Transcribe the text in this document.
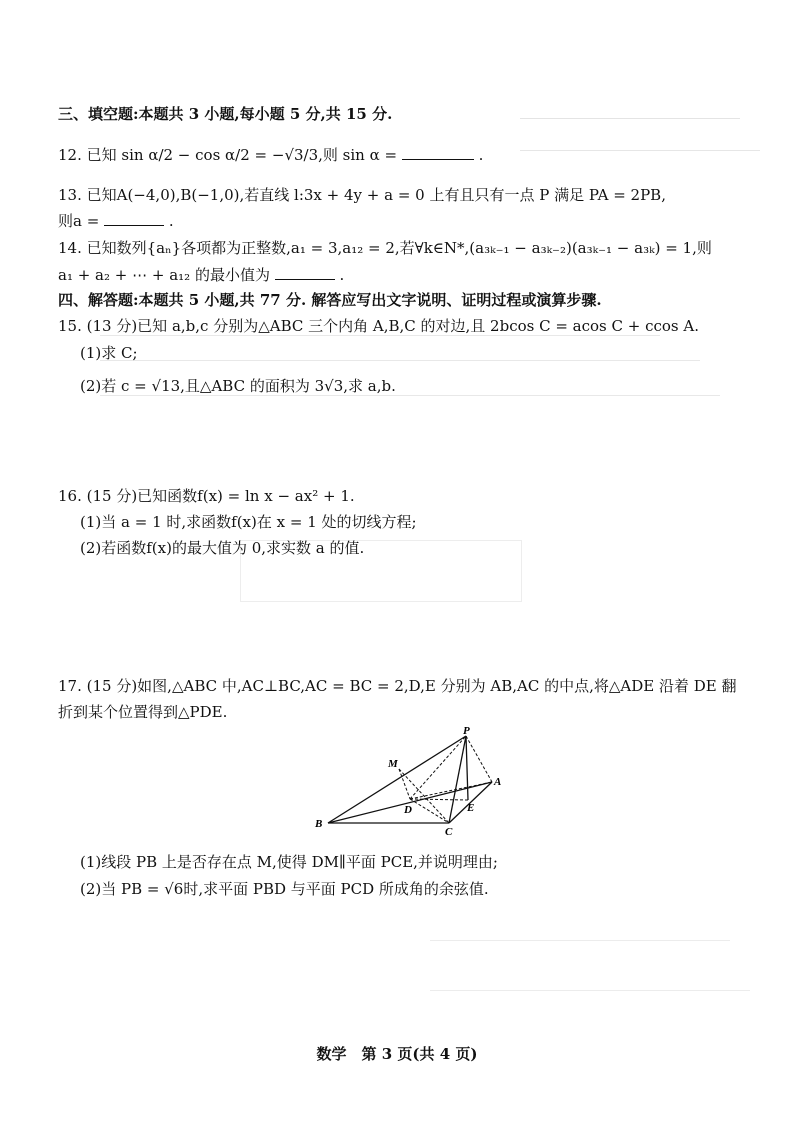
三、填空题:本题共 3 小题,每小题 5 分,共 15 分.
12. 已知 sin α/2 − cos α/2 = −√3/3,则 sin α =	.
13. 已知A(−4,0),B(−1,0),若直线 l:3x + 4y + a = 0 上有且只有一点 P 满足 PA = 2PB,
则a =	.
14. 已知数列{aₙ}各项都为正整数,a₁ = 3,a₁₂ = 2,若∀k∈N*,(a₃ₖ₋₁ − a₃ₖ₋₂)(a₃ₖ₋₁ − a₃ₖ) = 1,则
a₁ + a₂ + ⋯ + a₁₂ 的最小值为	.
四、解答题:本题共 5 小题,共 77 分. 解答应写出文字说明、证明过程或演算步骤.
15. (13 分)已知 a,b,c 分别为△ABC 三个内角 A,B,C 的对边,且 2bcos C = acos C + ccos A.
(1)求 C;
(2)若 c = √13,且△ABC 的面积为 3√3,求 a,b.
16. (15 分)已知函数f(x) = ln x − ax² + 1.
(1)当 a = 1 时,求函数f(x)在 x = 1 处的切线方程;
(2)若函数f(x)的最大值为 0,求实数 a 的值.
17. (15 分)如图,△ABC 中,AC⊥BC,AC = BC = 2,D,E 分别为 AB,AC 的中点,将△ADE 沿着 DE 翻
折到某个位置得到△PDE.
P
M
A
D	E
B
C
(1)线段 PB 上是否存在点 M,使得 DM∥平面 PCE,并说明理由;
(2)当 PB = √6时,求平面 PBD 与平面 PCD 所成角的余弦值.
数学　第 3 页(共 4 页)
